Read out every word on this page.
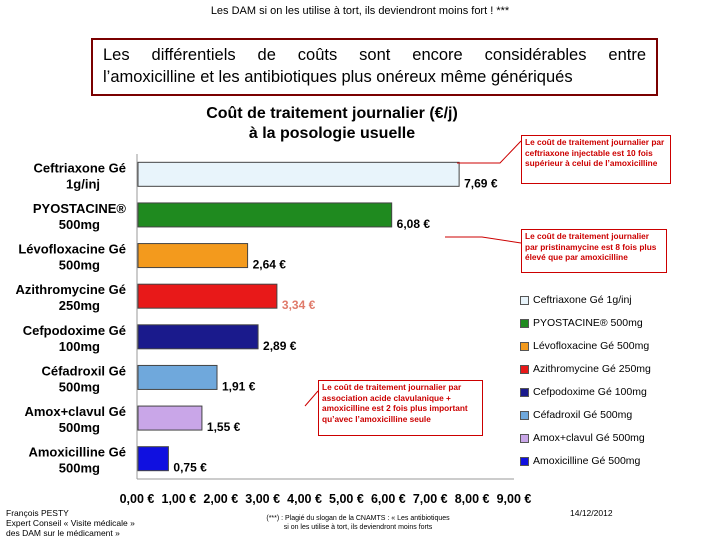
Les DAM si on les utilise à tort, ils deviendront moins fort ! ***
Les différentiels de coûts sont encore considérables entre
l’amoxicilline et les antibiotiques plus onéreux même génériqués
Coût de traitement journalier (€/j)
à la posologie usuelle
0,00 € 1,00 € 2,00 € 3,00 € 4,00 € 5,00 € 6,00 € 7,00 € 8,00 € 9,00 €
7,69 €
Ceftriaxone Gé
1g/inj
6,08 €
PYOSTACINE®
500mg
2,64 €
Lévofloxacine Gé
500mg
3,34 €
Azithromycine Gé
250mg
2,89 €
Cefpodoxime Gé
100mg
1,91 €
Céfadroxil Gé
500mg
1,55 €
Amox+clavul Gé
500mg
0,75 €
Amoxicilline Gé
500mg
Ceftriaxone Gé 1g/inj
PYOSTACINE® 500mg
Lévofloxacine Gé 500mg
Azithromycine Gé 250mg
Cefpodoxime Gé 100mg
Céfadroxil Gé 500mg
Amox+clavul Gé 500mg
Amoxicilline Gé 500mg
Le coût de traitement journalier par ceftriaxone injectable est 10 fois supérieur à celui de l’amoxicilline
Le coût de traitement journalier par pristinamycine est 8 fois plus élevé que par amoxicilline
Le coût de traitement journalier par association acide clavulanique + amoxicilline est 2 fois plus important qu’avec l’amoxicilline seule
François PESTY
Expert Conseil « Visite médicale »
des DAM sur le médicament »
(***) : Plagié du slogan de la CNAMTS : « Les antibiotiques
si on les utilise à tort, ils deviendront moins forts
14/12/2012
